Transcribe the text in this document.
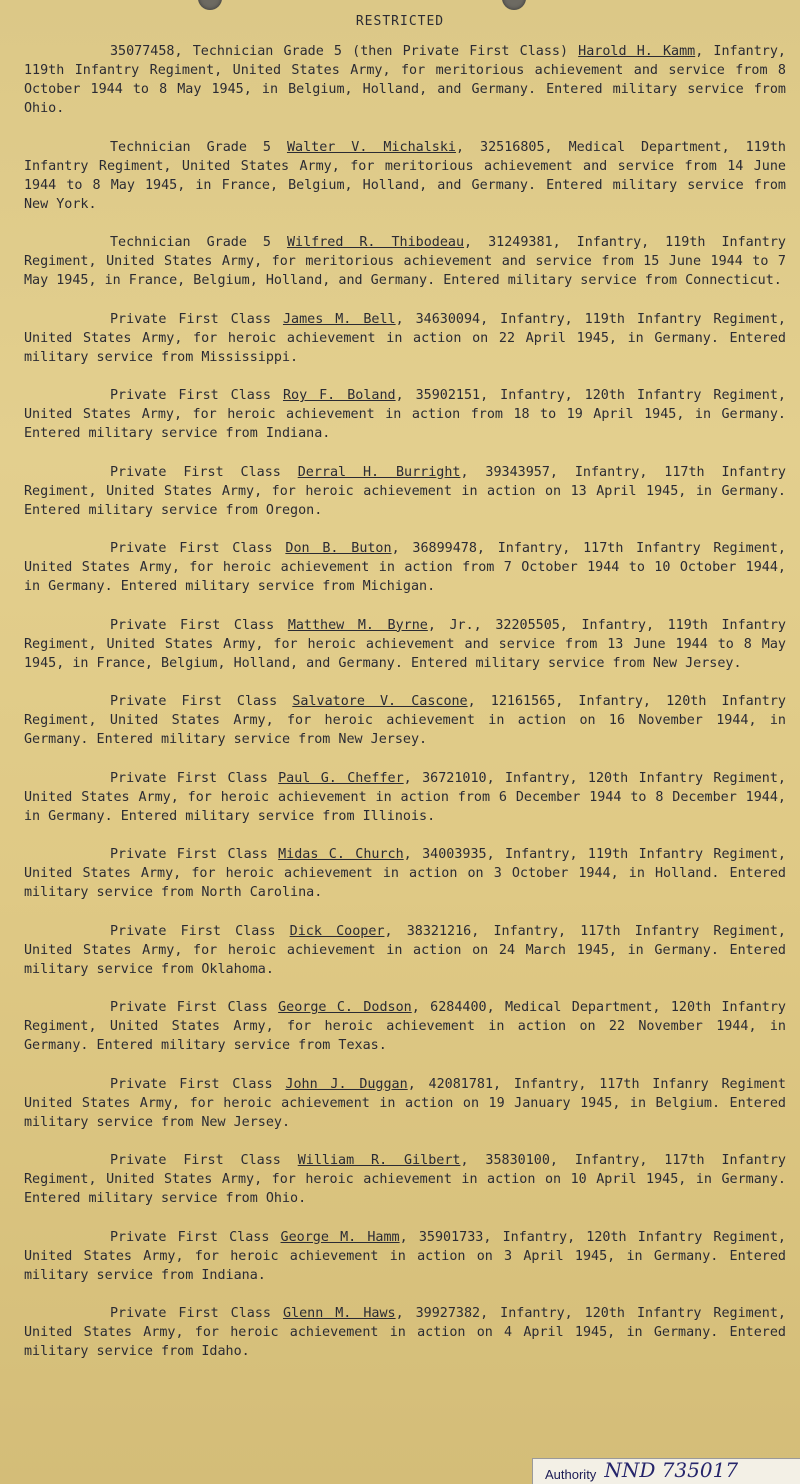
RESTRICTED

35077458, Technician Grade 5 (then Private First Class) Harold H. Kamm, Infantry, 119th Infantry Regiment, United States Army, for meritorious achievement and service from 8 October 1944 to 8 May 1945, in Belgium, Holland, and Germany. Entered military service from Ohio.

Technician Grade 5 Walter V. Michalski, 32516805, Medical Department, 119th Infantry Regiment, United States Army, for meritorious achievement and service from 14 June 1944 to 8 May 1945, in France, Belgium, Holland, and Germany. Entered military service from New York.

Technician Grade 5 Wilfred R. Thibodeau, 31249381, Infantry, 119th Infantry Regiment, United States Army, for meritorious achievement and service from 15 June 1944 to 7 May 1945, in France, Belgium, Holland, and Germany. Entered military service from Connecticut.

Private First Class James M. Bell, 34630094, Infantry, 119th Infantry Regiment, United States Army, for heroic achievement in action on 22 April 1945, in Germany. Entered military service from Mississippi.

Private First Class Roy F. Boland, 35902151, Infantry, 120th Infantry Regiment, United States Army, for heroic achievement in action from 18 to 19 April 1945, in Germany. Entered military service from Indiana.

Private First Class Derral H. Burright, 39343957, Infantry, 117th Infantry Regiment, United States Army, for heroic achievement in action on 13 April 1945, in Germany. Entered military service from Oregon.

Private First Class Don B. Buton, 36899478, Infantry, 117th Infantry Regiment, United States Army, for heroic achievement in action from 7 October 1944 to 10 October 1944, in Germany. Entered military service from Michigan.

Private First Class Matthew M. Byrne, Jr., 32205505, Infantry, 119th Infantry Regiment, United States Army, for heroic achievement and service from 13 June 1944 to 8 May 1945, in France, Belgium, Holland, and Germany. Entered military service from New Jersey.

Private First Class Salvatore V. Cascone, 12161565, Infantry, 120th Infantry Regiment, United States Army, for heroic achievement in action on 16 November 1944, in Germany. Entered military service from New Jersey.

Private First Class Paul G. Cheffer, 36721010, Infantry, 120th Infantry Regiment, United States Army, for heroic achievement in action from 6 December 1944 to 8 December 1944, in Germany. Entered military service from Illinois.

Private First Class Midas C. Church, 34003935, Infantry, 119th Infantry Regiment, United States Army, for heroic achievement in action on 3 October 1944, in Holland. Entered military service from North Carolina.

Private First Class Dick Cooper, 38321216, Infantry, 117th Infantry Regiment, United States Army, for heroic achievement in action on 24 March 1945, in Germany. Entered military service from Oklahoma.

Private First Class George C. Dodson, 6284400, Medical Department, 120th Infantry Regiment, United States Army, for heroic achievement in action on 22 November 1944, in Germany. Entered military service from Texas.

Private First Class John J. Duggan, 42081781, Infantry, 117th Infanry Regiment United States Army, for heroic achievement in action on 19 January 1945, in Belgium. Entered military service from New Jersey.

Private First Class William R. Gilbert, 35830100, Infantry, 117th Infantry Regiment, United States Army, for heroic achievement in action on 10 April 1945, in Germany. Entered military service from Ohio.

Private First Class George M. Hamm, 35901733, Infantry, 120th Infantry Regiment, United States Army, for heroic achievement in action on 3 April 1945, in Germany. Entered military service from Indiana.

Private First Class Glenn M. Haws, 39927382, Infantry, 120th Infantry Regiment, United States Army, for heroic achievement in action on 4 April 1945, in Germany. Entered military service from Idaho.

Authority NND 735017
